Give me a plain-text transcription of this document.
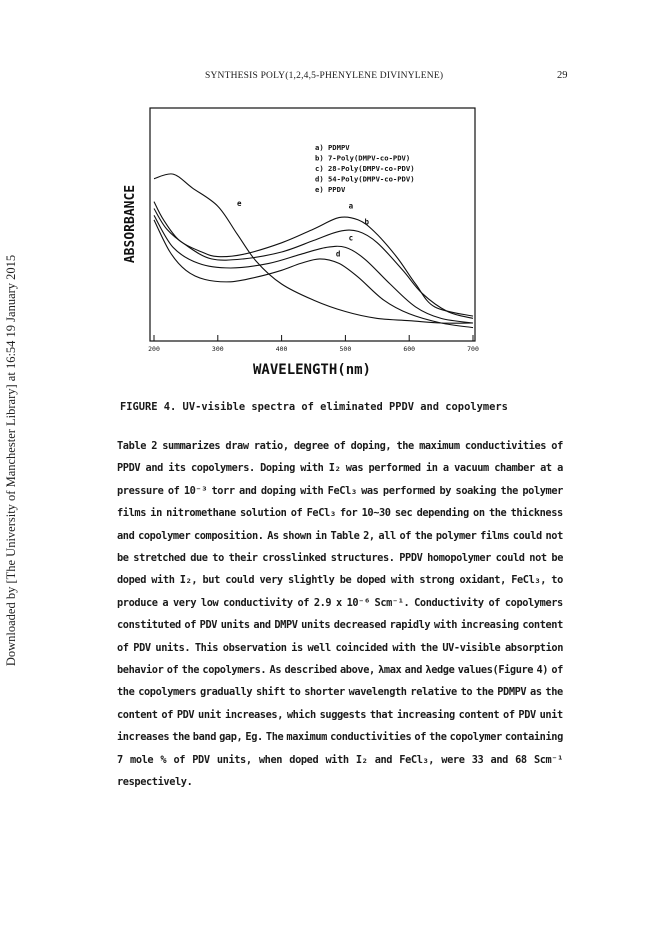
Downloaded by [The University of Manchester Library] at 16:54 19 January 2015
SYNTHESIS POLY(1,2,4,5-PHENYLENE DIVINYLENE)	29
ABSORBANCE
WAVELENGTH(nm)
a) PDMPV
b) 7-Poly(DMPV-co-PDV)
c) 28-Poly(DMPV-co-PDV)
d) 54-Poly(DMPV-co-PDV)
e) PPDV
200	300	400	500	600	700
a
b
c
d
e
FIGURE 4. UV-visible spectra of eliminated PPDV and copolymers
Table 2 summarizes draw ratio, degree of doping, the maximum conductivities of
PPDV and its copolymers. Doping with I₂ was performed in a vacuum chamber at a
pressure of 10⁻³ torr and doping with FeCl₃ was performed by soaking the polymer
films in nitromethane solution of FeCl₃ for 10~30 sec depending on the thickness
and copolymer composition. As shown in Table 2, all of the polymer films could not
be stretched due to their crosslinked structures. PPDV homopolymer could not be
doped with I₂, but could very slightly be doped with strong oxidant, FeCl₃, to
produce a very low conductivity of 2.9 x 10⁻⁶ Scm⁻¹. Conductivity of copolymers
constituted of PDV units and DMPV units decreased rapidly with increasing content
of PDV units. This observation is well coincided with the UV-visible absorption
behavior of the copolymers. As described above, λmax and λedge values(Figure 4) of
the copolymers gradually shift to shorter wavelength relative to the PDMPV as the
content of PDV unit increases, which suggests that increasing content of PDV unit
increases the band gap, Eg. The maximum conductivities of the copolymer containing
7 mole % of PDV units, when doped with I₂ and FeCl₃, were 33 and 68 Scm⁻¹
respectively.
